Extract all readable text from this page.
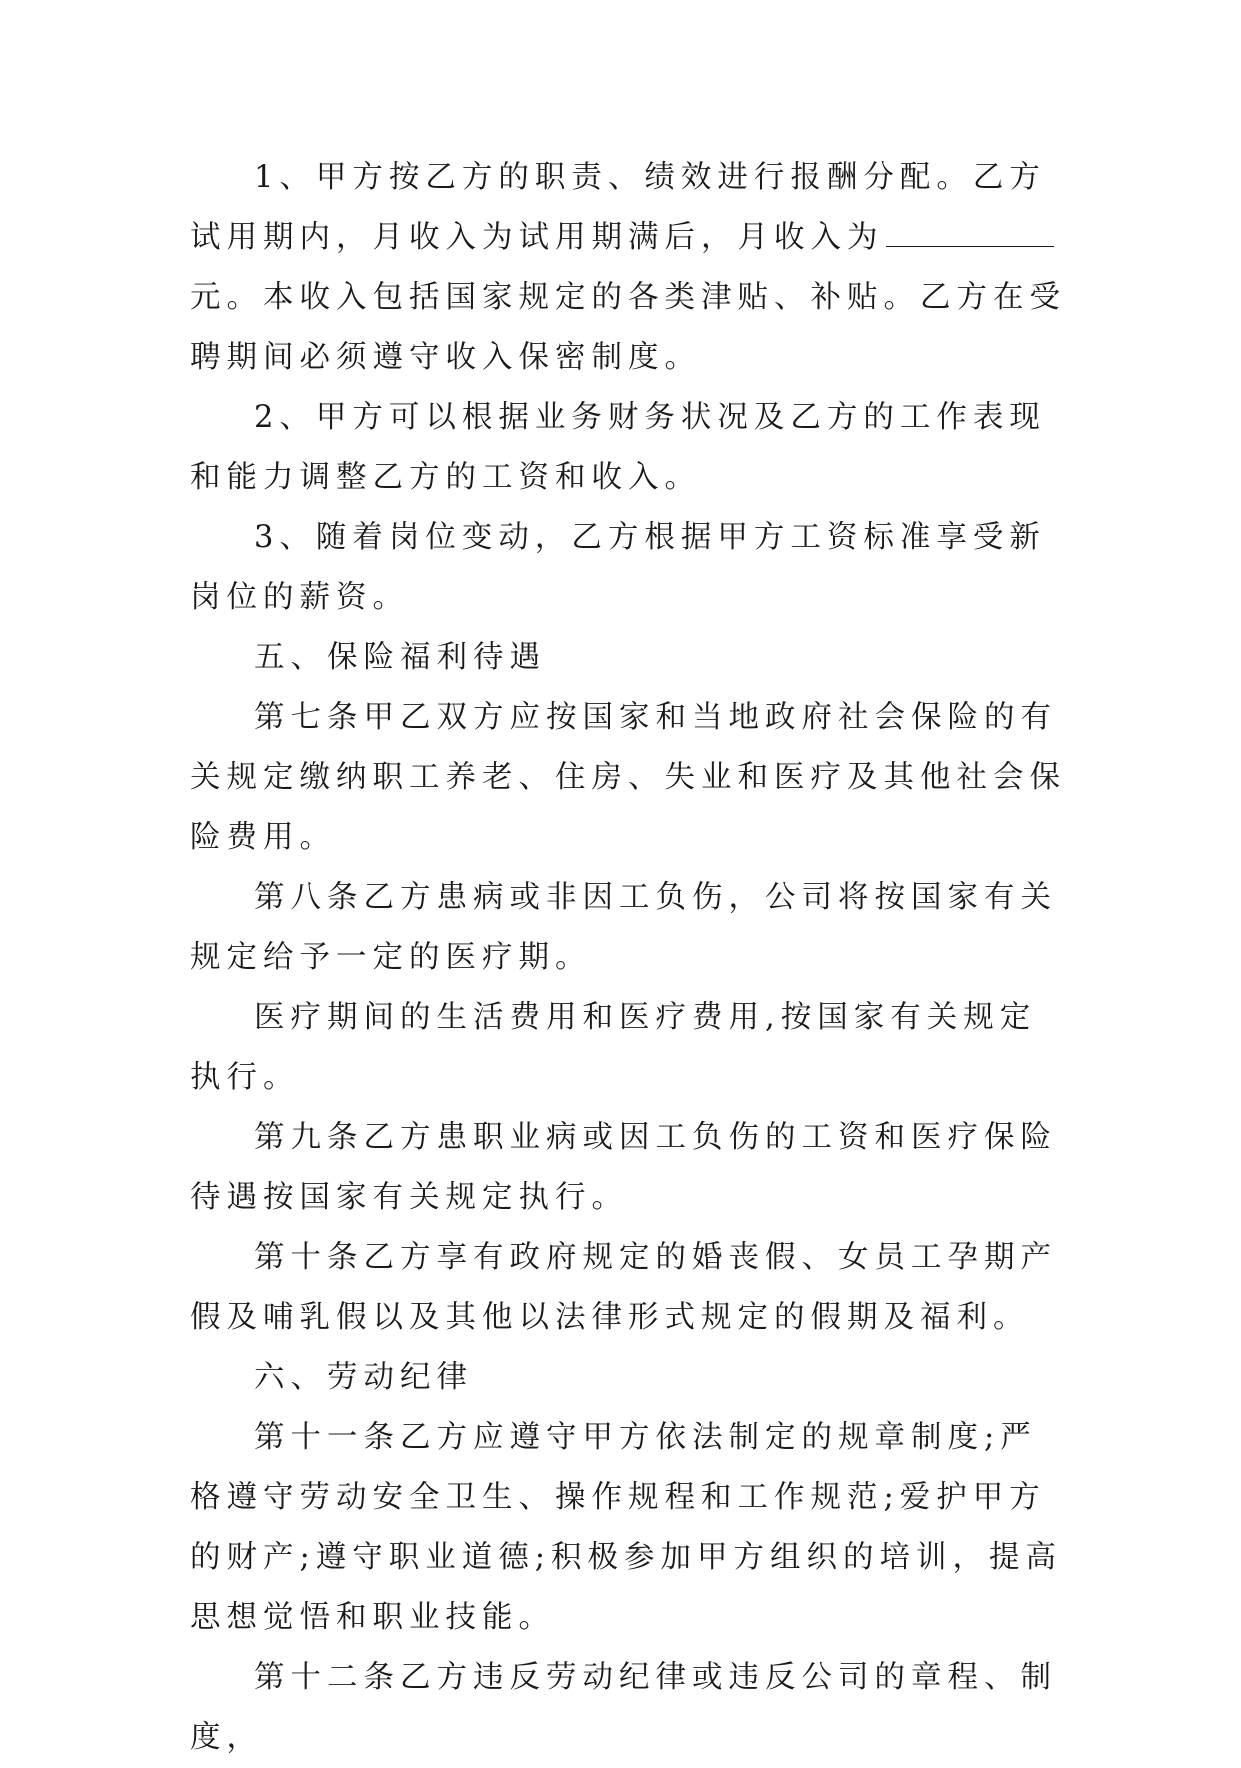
1、甲方按乙方的职责、绩效进行报酬分配。乙方试用期内，月收入为试用期满后，月收入为元。本收入包括国家规定的各类津贴、补贴。乙方在受聘期间必须遵守收入保密制度。

2、甲方可以根据业务财务状况及乙方的工作表现和能力调整乙方的工资和收入。

3、随着岗位变动，乙方根据甲方工资标准享受新岗位的薪资。

五、保险福利待遇

第七条甲乙双方应按国家和当地政府社会保险的有关规定缴纳职工养老、住房、失业和医疗及其他社会保险费用。

第八条乙方患病或非因工负伤，公司将按国家有关规定给予一定的医疗期。

医疗期间的生活费用和医疗费用,按国家有关规定执行。

第九条乙方患职业病或因工负伤的工资和医疗保险待遇按国家有关规定执行。

第十条乙方享有政府规定的婚丧假、女员工孕期产假及哺乳假以及其他以法律形式规定的假期及福利。

六、劳动纪律

第十一条乙方应遵守甲方依法制定的规章制度;严格遵守劳动安全卫生、操作规程和工作规范;爱护甲方的财产;遵守职业道德;积极参加甲方组织的培训，提高思想觉悟和职业技能。

第十二条乙方违反劳动纪律或违反公司的章程、制度，
